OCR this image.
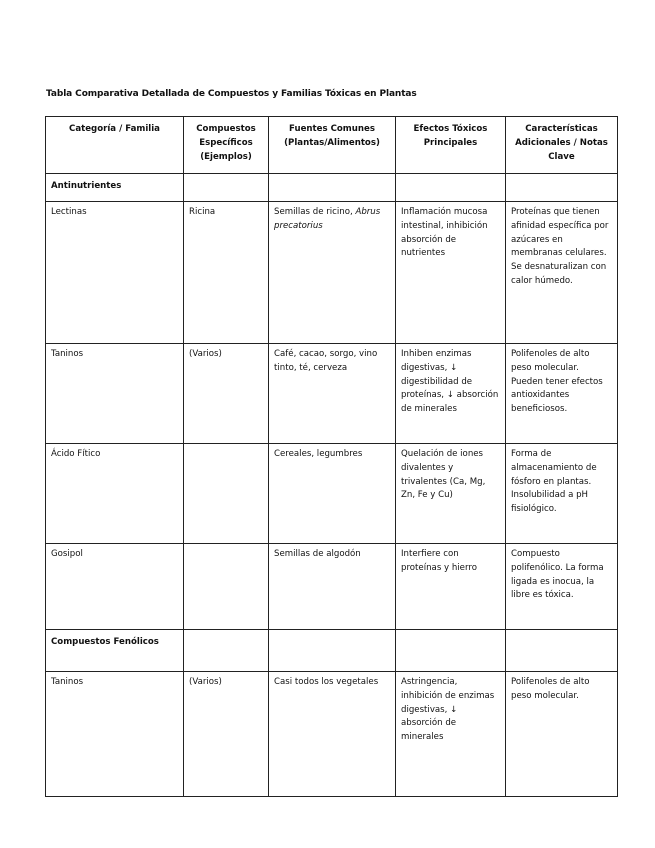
Tabla Comparativa Detallada de Compuestos y Familias Tóxicas en Plantas
Categoría / Familia	Compuestos Específicos (Ejemplos)	Fuentes Comunes (Plantas/Alimentos)	Efectos Tóxicos Principales	Características Adicionales / Notas Clave
Antinutrientes				
Lectinas	Ricina	Semillas de ricino, Abrus precatorius	Inflamación mucosa intestinal, inhibición absorción de nutrientes	Proteínas que tienen afinidad específica por azúcares en membranas celulares. Se desnaturalizan con calor húmedo.
Taninos	(Varios)	Café, cacao, sorgo, vino tinto, té, cerveza	Inhiben enzimas digestivas, ↓ digestibilidad de proteínas, ↓ absorción de minerales	Polifenoles de alto peso molecular. Pueden tener efectos antioxidantes beneficiosos.
Ácido Fítico		Cereales, legumbres	Quelación de iones divalentes y trivalentes (Ca, Mg, Zn, Fe y Cu)	Forma de almacenamiento de fósforo en plantas. Insolubilidad a pH fisiológico.
Gosipol		Semillas de algodón	Interfiere con proteínas y hierro	Compuesto polifenólico. La forma ligada es inocua, la libre es tóxica.
Compuestos Fenólicos				
Taninos	(Varios)	Casi todos los vegetales	Astringencia, inhibición de enzimas digestivas, ↓ absorción de minerales	Polifenoles de alto peso molecular.
